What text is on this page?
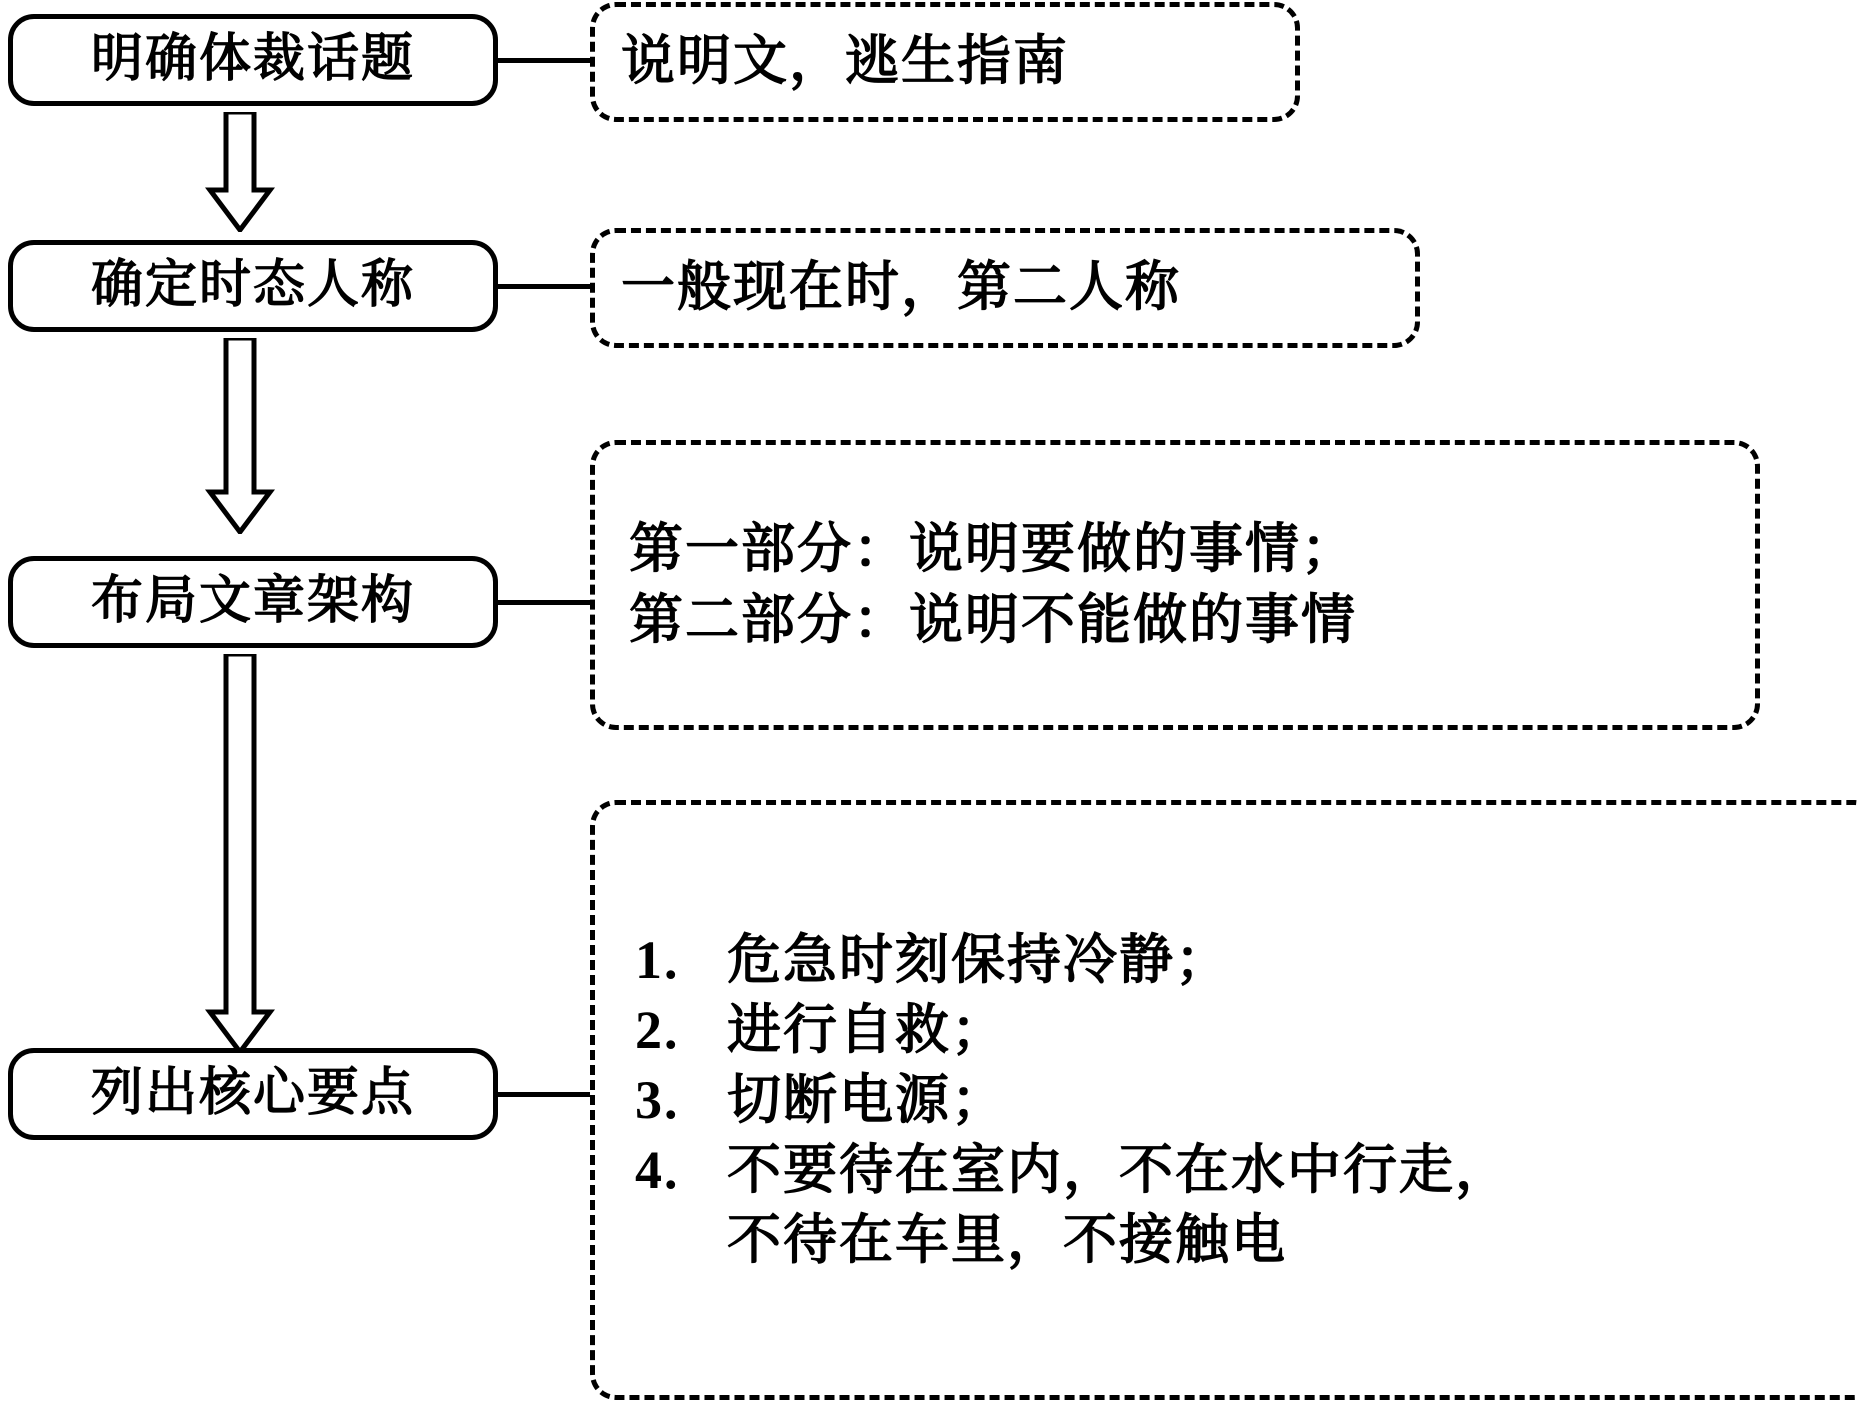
明确体裁话题	说明文，逃生指南
确定时态人称	一般现在时，第二人称
布局文章架构
第一部分：说明要做的事情；
第二部分：说明不能做的事情
列出核心要点
1. 危急时刻保持冷静；
2. 进行自救；
3. 切断电源；
4. 不要待在室内，不在水中行走，
不待在车里，不接触电
